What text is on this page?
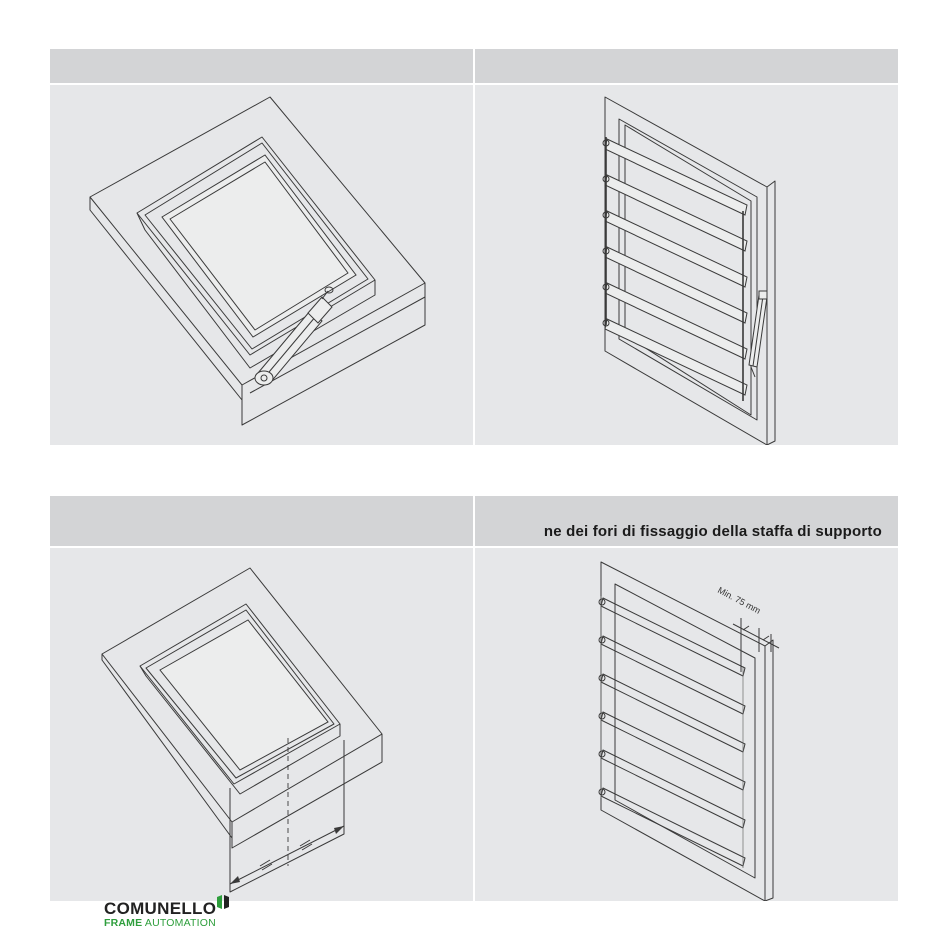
ne dei fori di fissaggio della staffa di supporto
Min. 75 mm
COMUNELLO
FRAME AUTOMATION
